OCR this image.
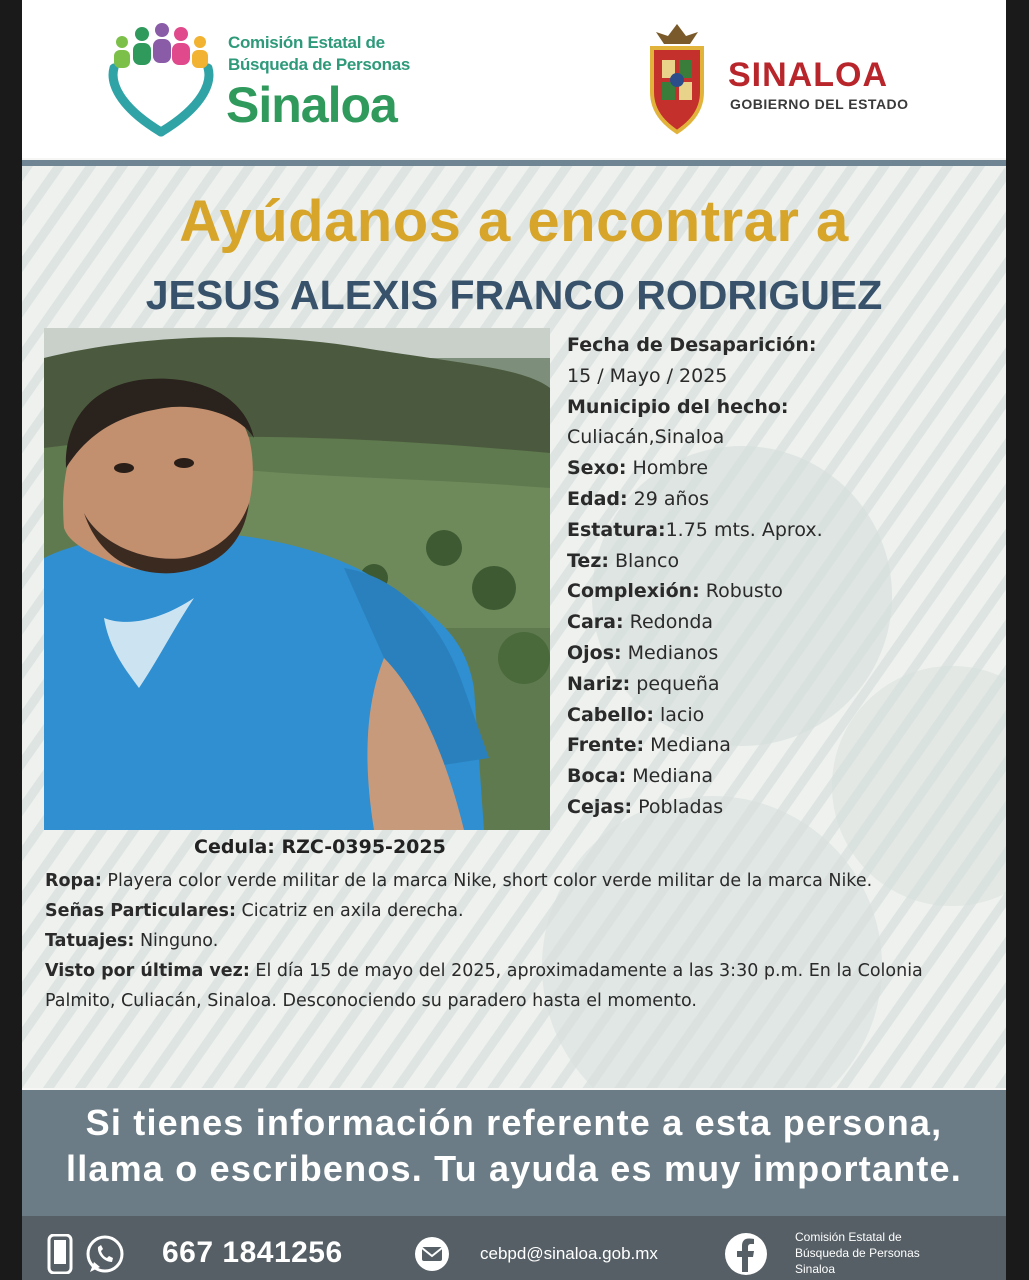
Comisión Estatal de
Búsqueda de Personas
Sinaloa
SINALOA
GOBIERNO DEL ESTADO
Ayúdanos a encontrar a
JESUS ALEXIS FRANCO RODRIGUEZ
Fecha de Desaparición:
15 / Mayo / 2025
Municipio del hecho:
Culiacán,Sinaloa
Sexo: Hombre
Edad: 29 años
Estatura:1.75 mts. Aprox.
Tez: Blanco
Complexión: Robusto
Cara: Redonda
Ojos: Medianos
Nariz: pequeña
Cabello: lacio
Frente: Mediana
Boca: Mediana
Cejas: Pobladas
Cedula: RZC-0395-2025
Ropa: Playera color verde militar de la marca Nike, short color verde militar de la marca Nike.
Señas Particulares: Cicatriz en axila derecha.
Tatuajes: Ninguno.
Visto por última vez: El día 15 de mayo del 2025, aproximadamente a las 3:30 p.m. En la Colonia Palmito, Culiacán, Sinaloa. Desconociendo su paradero hasta el momento.
Si tienes información referente a esta persona,
llama o escribenos. Tu ayuda es muy importante.
667 1841256	cebpd@sinaloa.gob.mx
Comisión Estatal de
Búsqueda de Personas
Sinaloa
